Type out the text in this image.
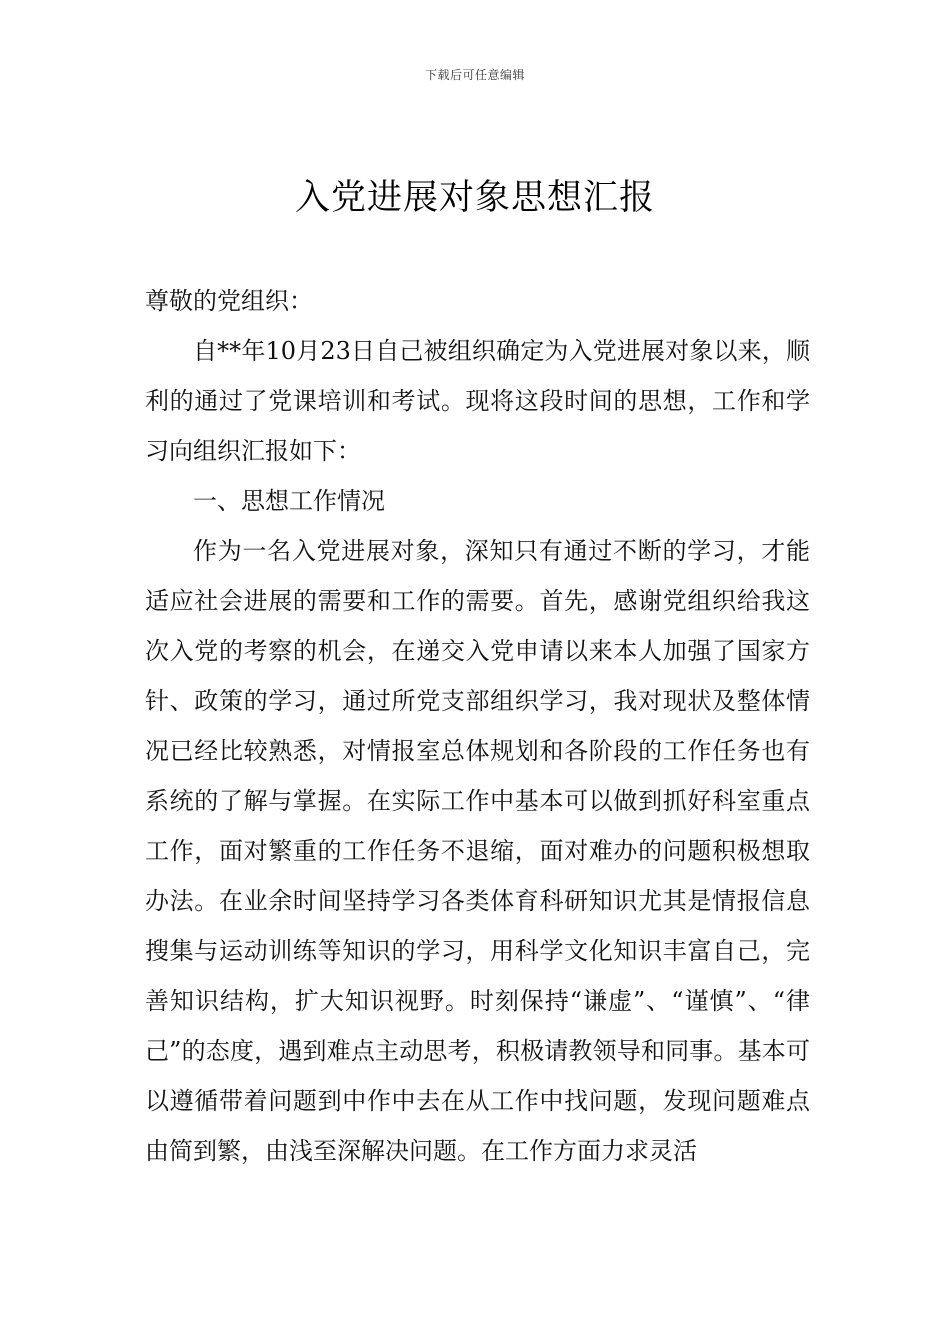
下载后可任意编辑
入党进展对象思想汇报

尊敬的党组织：

自**年10月23日自己被组织确定为入党进展对象以来，顺利的通过了党课培训和考试。现将这段时间的思想，工作和学习向组织汇报如下：

一、思想工作情况

作为一名入党进展对象，深知只有通过不断的学习，才能适应社会进展的需要和工作的需要。首先，感谢党组织给我这次入党的考察的机会，在递交入党申请以来本人加强了国家方针、政策的学习，通过所党支部组织学习，我对现状及整体情况已经比较熟悉，对情报室总体规划和各阶段的工作任务也有系统的了解与掌握。在实际工作中基本可以做到抓好科室重点工作，面对繁重的工作任务不退缩，面对难办的问题积极想取办法。在业余时间坚持学习各类体育科研知识尤其是情报信息搜集与运动训练等知识的学习，用科学文化知识丰富自己，完善知识结构，扩大知识视野。时刻保持“谦虚”、“谨慎”、“律己”的态度，遇到难点主动思考，积极请教领导和同事。基本可以遵循带着问题到中作中去在从工作中找问题，发现问题难点由简到繁，由浅至深解决问题。在工作方面力求灵活
